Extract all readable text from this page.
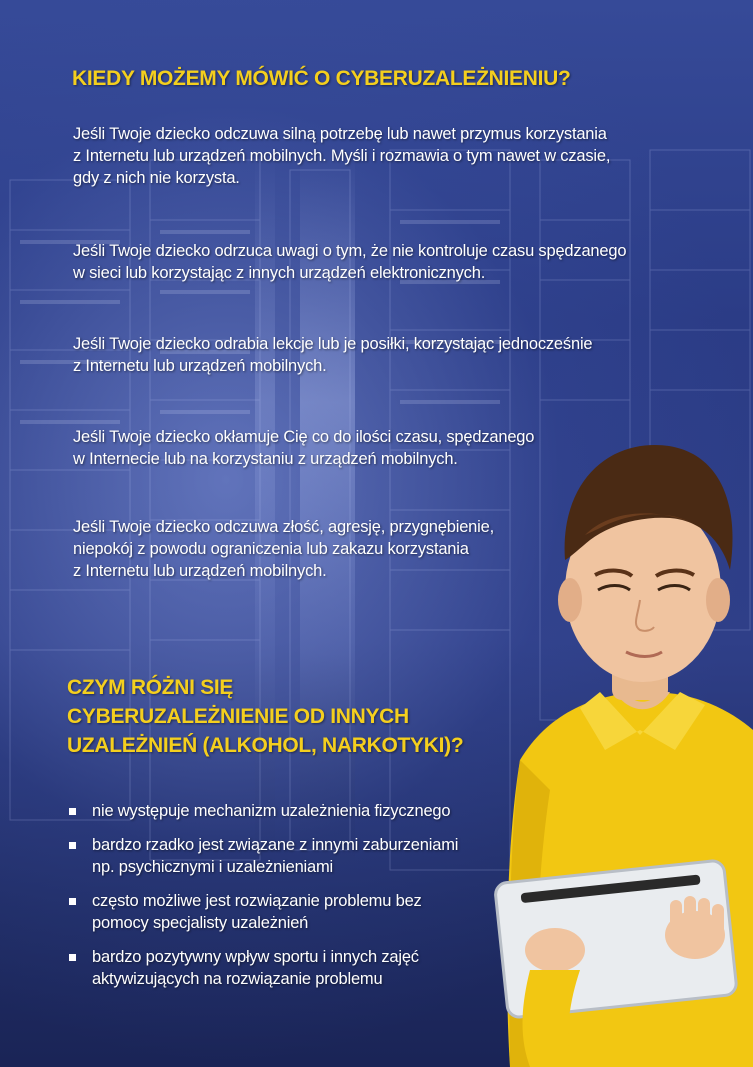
KIEDY MOŻEMY MÓWIĆ O CYBERUZALEŻNIENIU?

Jeśli Twoje dziecko odczuwa silną potrzebę lub nawet przymus korzystania
z Internetu lub urządzeń mobilnych. Myśli i rozmawia o tym nawet w czasie,
gdy z nich nie korzysta.

Jeśli Twoje dziecko odrzuca uwagi o tym, że nie kontroluje czasu spędzanego
w sieci lub korzystając z innych urządzeń elektronicznych.

Jeśli Twoje dziecko odrabia lekcje lub je posiłki, korzystając jednocześnie
z Internetu lub urządzeń mobilnych.

Jeśli Twoje dziecko okłamuje Cię co do ilości czasu, spędzanego
w Internecie lub na korzystaniu z urządzeń mobilnych.

Jeśli Twoje dziecko odczuwa złość, agresję, przygnębienie,
niepokój z powodu ograniczenia lub zakazu korzystania
z Internetu lub urządzeń mobilnych.

CZYM RÓŻNI SIĘ
CYBERUZALEŻNIENIE OD INNYCH
UZALEŻNIEŃ (ALKOHOL, NARKOTYKI)?
nie występuje mechanizm uzależnienia fizycznego
bardzo rzadko jest związane z innymi zaburzeniami
np. psychicznymi i uzależnieniami
często możliwe jest rozwiązanie problemu bez
pomocy specjalisty uzależnień
bardzo pozytywny wpływ sportu i innych zajęć
aktywizujących na rozwiązanie problemu
